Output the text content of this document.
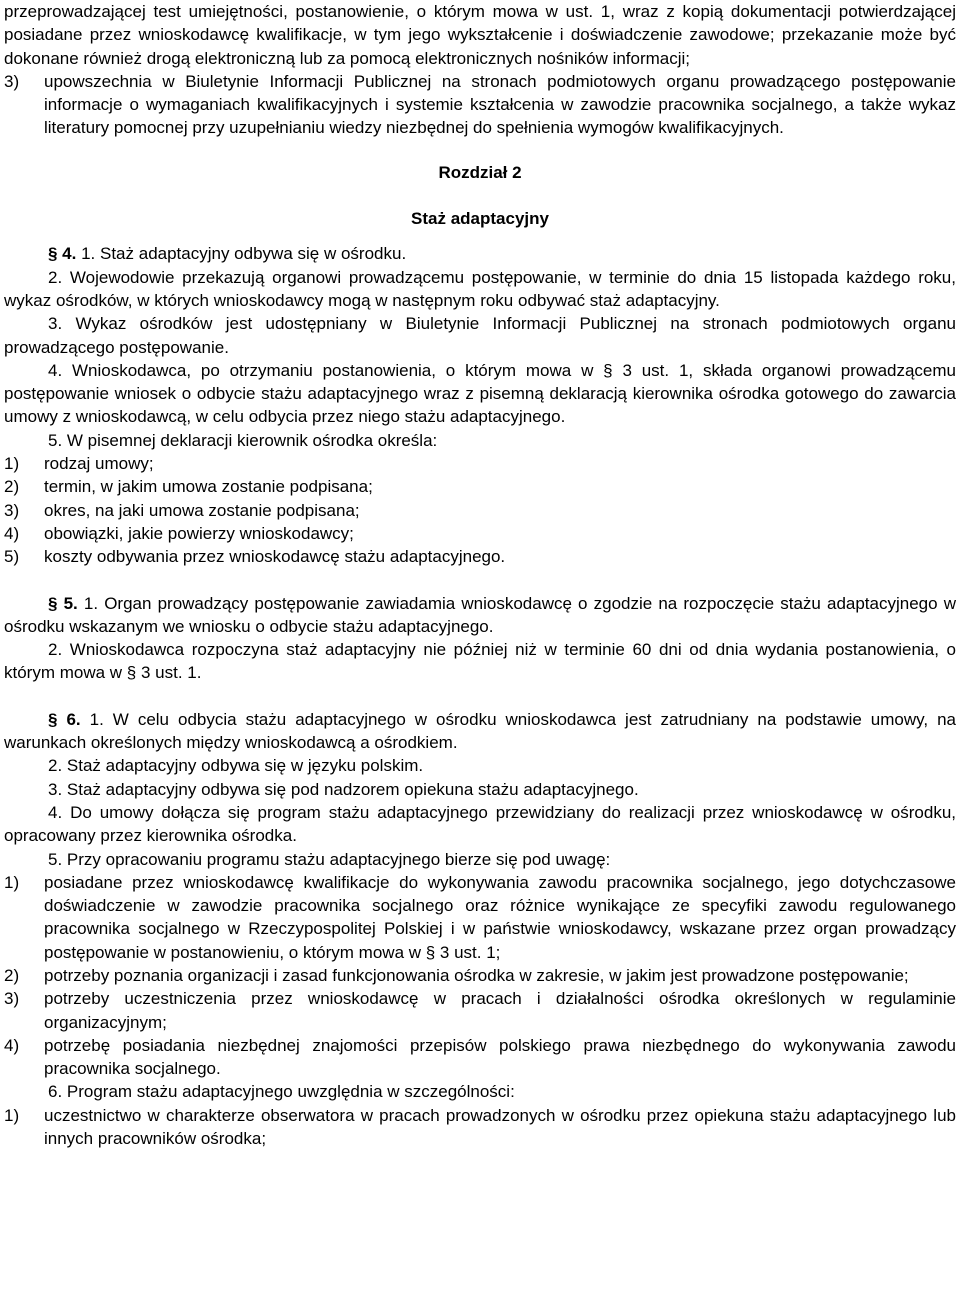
przeprowadzającej test umiejętności, postanowienie, o którym mowa w ust. 1, wraz z kopią dokumentacji potwierdzającej posiadane przez wnioskodawcę kwalifikacje, w tym jego wykształcenie i doświadczenie zawodowe; przekazanie może być dokonane również drogą elektroniczną lub za pomocą elektronicznych nośników informacji;

3)	upowszechnia w Biuletynie Informacji Publicznej na stronach podmiotowych organu prowadzącego postępowanie informacje o wymaganiach kwalifikacyjnych i systemie kształcenia w zawodzie pracownika socjalnego, a także wykaz literatury pomocnej przy uzupełnianiu wiedzy niezbędnej do spełnienia wymogów kwalifikacyjnych.

Rozdział 2

Staż adaptacyjny

§ 4. 1. Staż adaptacyjny odbywa się w ośrodku.

2. Wojewodowie przekazują organowi prowadzącemu postępowanie, w terminie do dnia 15 listopada każdego roku, wykaz ośrodków, w których wnioskodawcy mogą w następnym roku odbywać staż adaptacyjny.

3. Wykaz ośrodków jest udostępniany w Biuletynie Informacji Publicznej na stronach podmiotowych organu prowadzącego postępowanie.

4. Wnioskodawca, po otrzymaniu postanowienia, o którym mowa w § 3 ust. 1, składa organowi prowadzącemu postępowanie wniosek o odbycie stażu adaptacyjnego wraz z pisemną deklaracją kierownika ośrodka gotowego do zawarcia umowy z wnioskodawcą, w celu odbycia przez niego stażu adaptacyjnego.

5. W pisemnej deklaracji kierownik ośrodka określa:

1)	rodzaj umowy;
2)	termin, w jakim umowa zostanie podpisana;
3)	okres, na jaki umowa zostanie podpisana;
4)	obowiązki, jakie powierzy wnioskodawcy;
5)	koszty odbywania przez wnioskodawcę stażu adaptacyjnego.

§ 5. 1. Organ prowadzący postępowanie zawiadamia wnioskodawcę o zgodzie na rozpoczęcie stażu adaptacyjnego w ośrodku wskazanym we wniosku o odbycie stażu adaptacyjnego.

2. Wnioskodawca rozpoczyna staż adaptacyjny nie później niż w terminie 60 dni od dnia wydania postanowienia, o którym mowa w § 3 ust. 1.

§ 6. 1. W celu odbycia stażu adaptacyjnego w ośrodku wnioskodawca jest zatrudniany na podstawie umowy, na warunkach określonych między wnioskodawcą a ośrodkiem.

2. Staż adaptacyjny odbywa się w języku polskim.

3. Staż adaptacyjny odbywa się pod nadzorem opiekuna stażu adaptacyjnego.

4. Do umowy dołącza się program stażu adaptacyjnego przewidziany do realizacji przez wnioskodawcę w ośrodku, opracowany przez kierownika ośrodka.

5. Przy opracowaniu programu stażu adaptacyjnego bierze się pod uwagę:

1)	posiadane przez wnioskodawcę kwalifikacje do wykonywania zawodu pracownika socjalnego, jego dotychczasowe doświadczenie w zawodzie pracownika socjalnego oraz różnice wynikające ze specyfiki zawodu regulowanego pracownika socjalnego w Rzeczypospolitej Polskiej i w państwie wnioskodawcy, wskazane przez organ prowadzący postępowanie w postanowieniu, o którym mowa w § 3 ust. 1;
2)	potrzeby poznania organizacji i zasad funkcjonowania ośrodka w zakresie, w jakim jest prowadzone postępowanie;
3)	potrzeby uczestniczenia przez wnioskodawcę w pracach i działalności ośrodka określonych w regulaminie organizacyjnym;
4)	potrzebę posiadania niezbędnej znajomości przepisów polskiego prawa niezbędnego do wykonywania zawodu pracownika socjalnego.

6. Program stażu adaptacyjnego uwzględnia w szczególności:

1)	uczestnictwo w charakterze obserwatora w pracach prowadzonych w ośrodku przez opiekuna stażu adaptacyjnego lub innych pracowników ośrodka;
